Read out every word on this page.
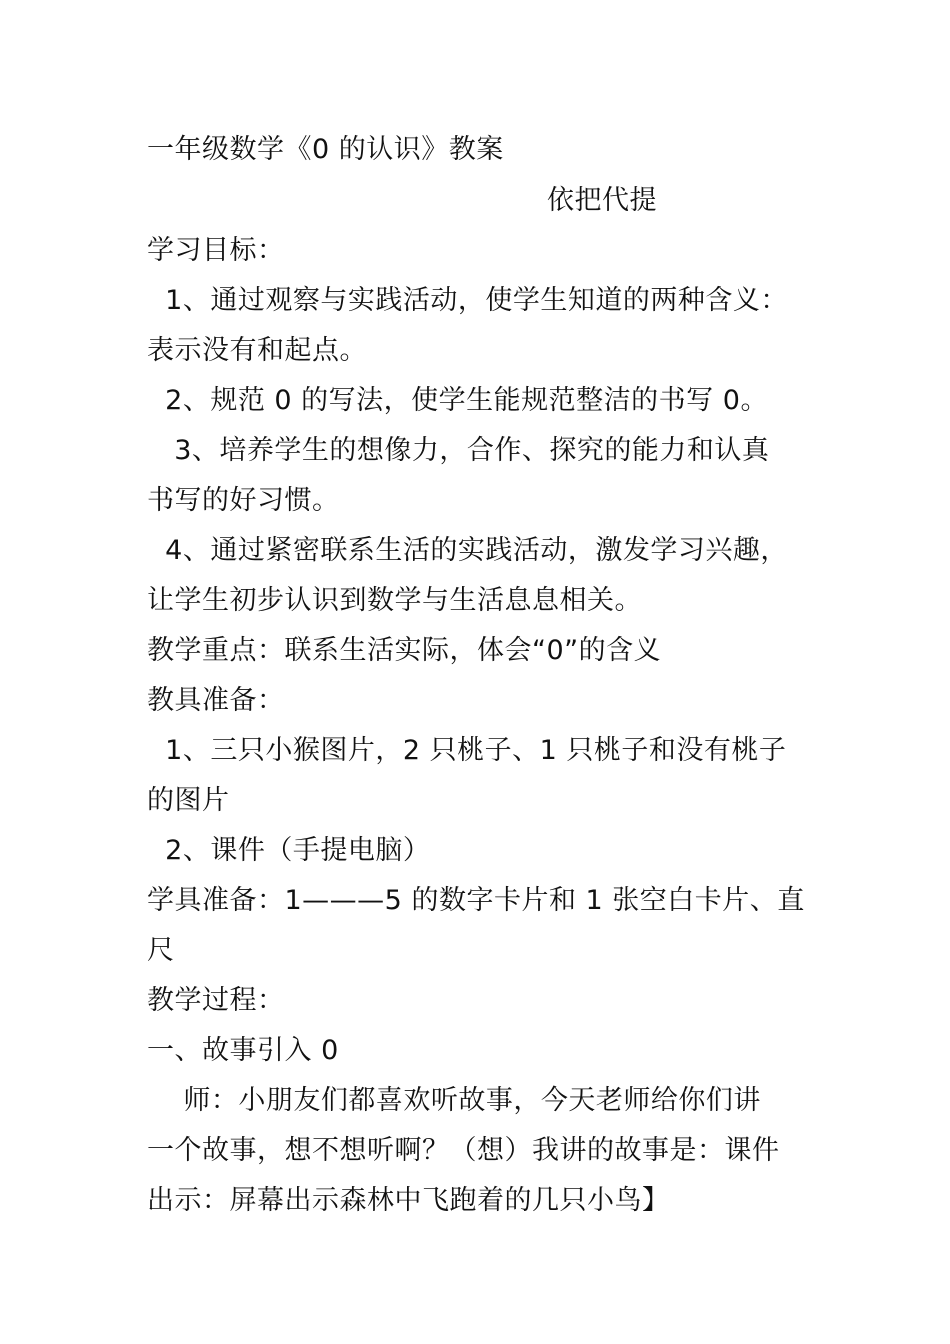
一年级数学《0 的认识》教案
依把代提
学习目标：
1、通过观察与实践活动，使学生知道的两种含义：
表示没有和起点。
2、规范 0 的写法，使学生能规范整洁的书写 0。
3、培养学生的想像力，合作、探究的能力和认真
书写的好习惯。
4、通过紧密联系生活的实践活动，激发学习兴趣，
让学生初步认识到数学与生活息息相关。
教学重点：联系生活实际，体会“0”的含义
教具准备：
1、三只小猴图片，2 只桃子、1 只桃子和没有桃子
的图片
2、课件（手提电脑）
学具准备：1———5 的数字卡片和 1 张空白卡片、直
尺
教学过程：
一、故事引入 0
师：小朋友们都喜欢听故事，今天老师给你们讲
一个故事，想不想听啊？（想）我讲的故事是：课件
出示：屏幕出示森林中飞跑着的几只小鸟】
